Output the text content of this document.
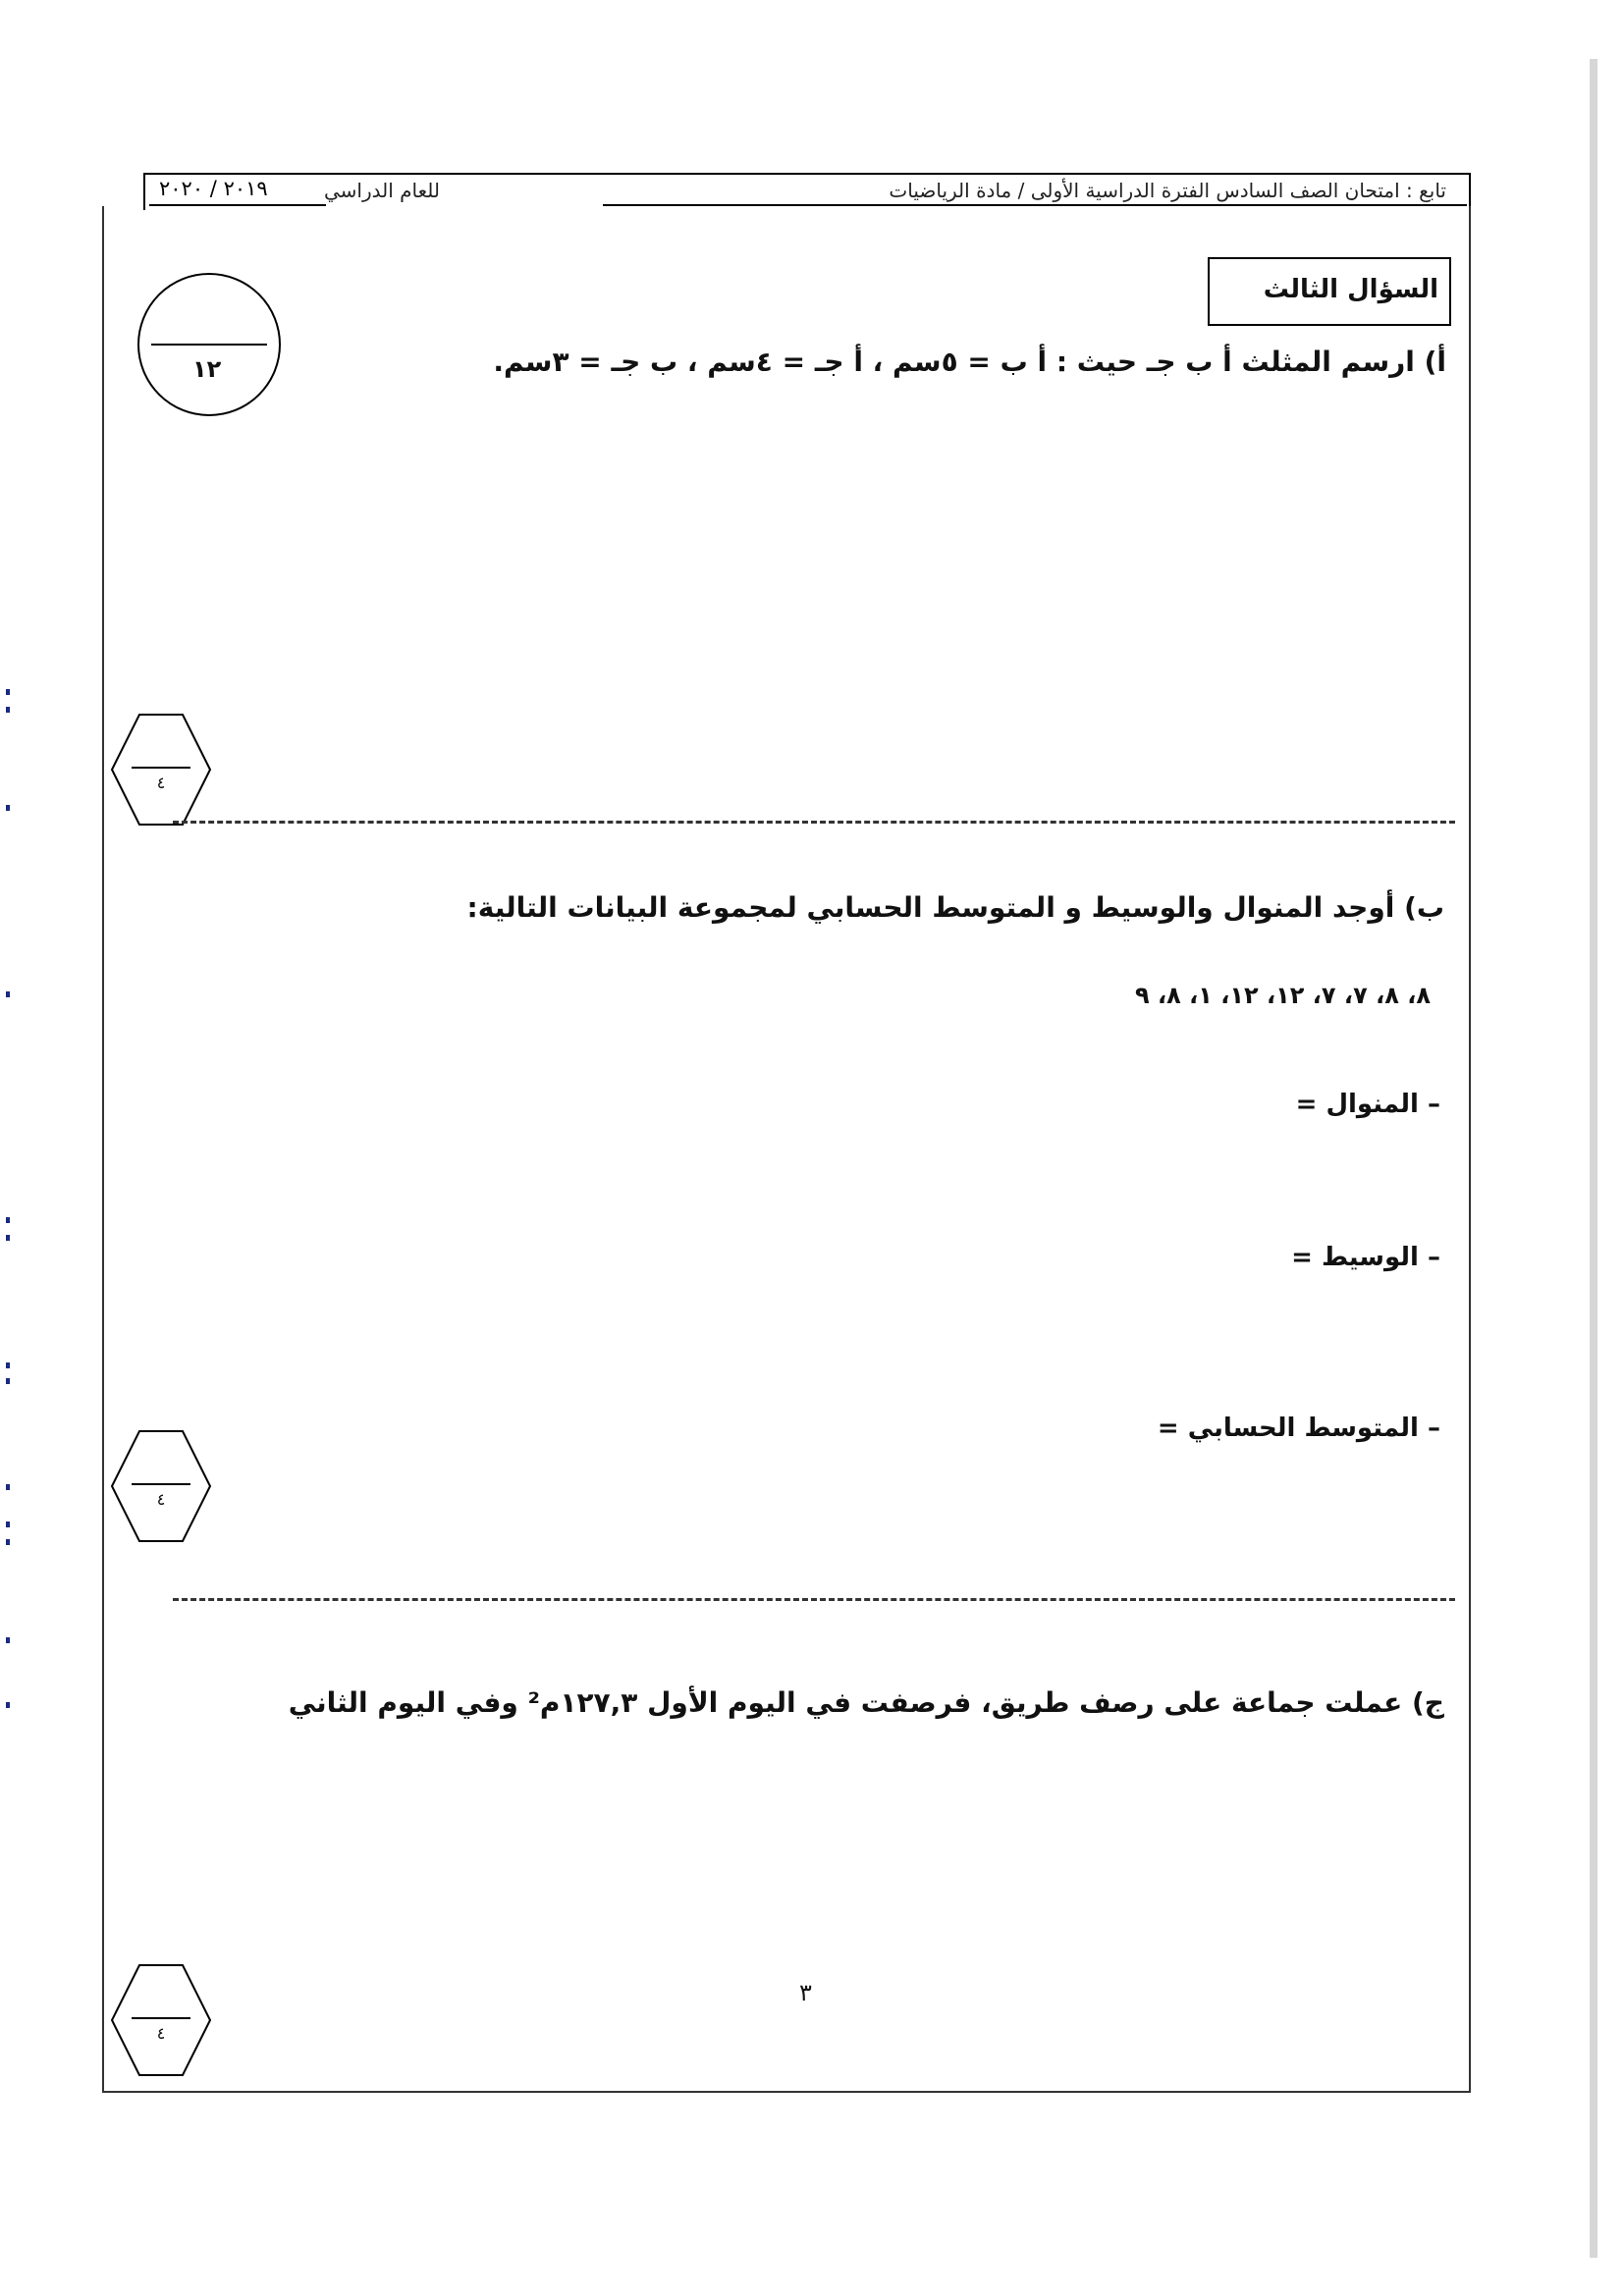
تابع : امتحان الصف السادس الفترة الدراسية الأولى / مادة الرياضيات
للعام الدراسي
٢٠١٩ / ٢٠٢٠
السؤال الثالث
١٢	أ) ارسم المثلث أ ب جـ حيث : أ ب = ٥سم ، أ جـ = ٤سم ، ب جـ = ٣سم.
٤
ب) أوجد المنوال والوسيط و المتوسط الحسابي لمجموعة البيانات التالية:
٨، ٨، ٧، ٧، ١٢، ١٢، ١، ٨، ٩
– المنوال =
– الوسيط =
– المتوسط الحسابي =
٤
ج) عملت جماعة على رصف طريق، فرصفت في اليوم الأول ١٢٧,٣م² وفي اليوم الثاني
٤
٣
